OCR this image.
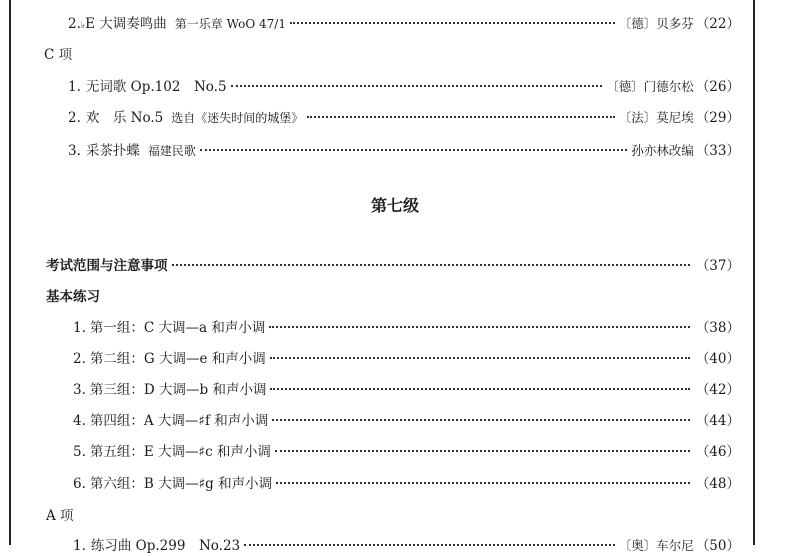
2. ♭ E 大调奏鸣曲 第一乐章 WoO 47/1	〔德〕贝多芬 （22）
C 项
1. 无词歌 Op.102　No.5	〔德〕门德尔松 （26）
2. 欢　乐 No.5 选自《迷失时间的城堡》	〔法〕莫尼埃 （29）
3. 采茶扑蝶 福建民歌	孙亦林改编 （33）
第七级
考试范围与注意事项	（37）
基本练习
1. 第一组： C 大调—a 和声小调	（38）
2. 第二组： G 大调—e 和声小调	（40）
3. 第三组： D 大调—b 和声小调	（42）
4. 第四组： A 大调—♯f 和声小调	（44）
5. 第五组： E 大调—♯c 和声小调	（46）
6. 第六组： B 大调—♯g 和声小调	（48）
A 项
1. 练习曲 Op.299　No.23	〔奥〕车尔尼 （50）
